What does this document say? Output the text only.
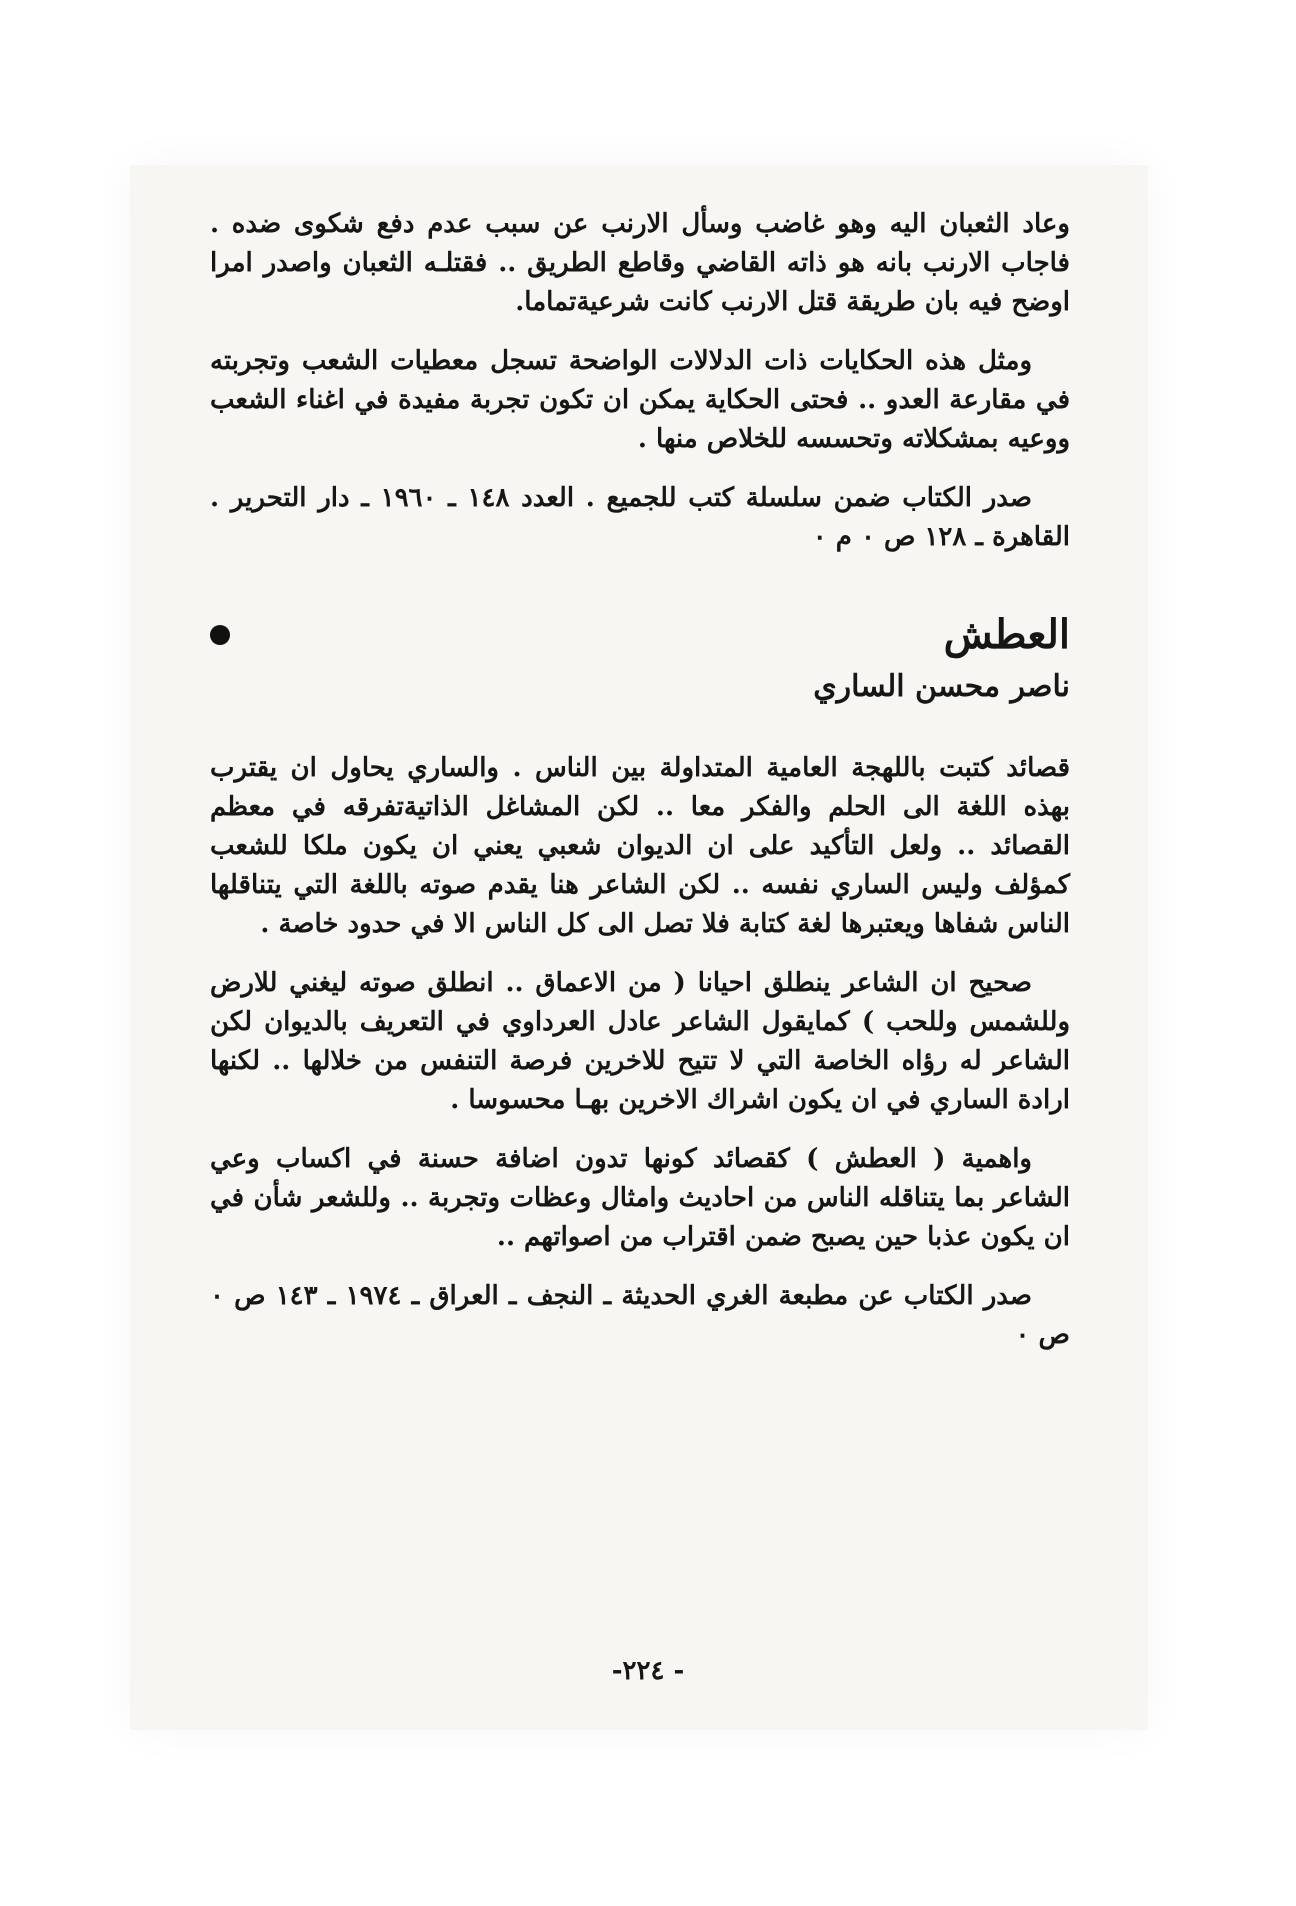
وعاد الثعبان اليه وهو غاضب وسأل الارنب عن سبب عدم دفع شكوى ضده . فاجاب الارنب بانه هو ذاته القاضي وقاطع الطريق .. فقتلـه الثعبان واصدر امرا اوضح فيه بان طريقة قتل الارنب كانت شرعيةتماما.

ومثل هذه الحكايات ذات الدلالات الواضحة تسجل معطيات الشعب وتجربته في مقارعة العدو .. فحتى الحكاية يمكن ان تكون تجربة مفيدة في اغناء الشعب ووعيه بمشكلاته وتحسسه للخلاص منها .

صدر الكتاب ضمن سلسلة كتب للجميع . العدد ١٤٨ ـ ١٩٦٠ ـ دار التحرير . القاهرة ـ ١٢٨ ص ٠ م ٠

العطش
ناصر محسن الساري

قصائد كتبت باللهجة العامية المتداولة بين الناس . والساري يحاول ان يقترب بهذه اللغة الى الحلم والفكر معا .. لكن المشاغل الذاتيةتفرقه في معظم القصائد .. ولعل التأكيد على ان الديوان شعبي يعني ان يكون ملكا للشعب كمؤلف وليس الساري نفسه .. لكن الشاعر هنا يقدم صوته باللغة التي يتناقلها الناس شفاها ويعتبرها لغة كتابة فلا تصل الى كل الناس الا في حدود خاصة .

صحيح ان الشاعر ينطلق احيانا ( من الاعماق .. انطلق صوته ليغني للارض وللشمس وللحب ) كمايقول الشاعر عادل العرداوي في التعريف بالديوان لكن الشاعر له رؤاه الخاصة التي لا تتيح للاخرين فرصة التنفس من خلالها .. لكنها ارادة الساري في ان يكون اشراك الاخرين بهـا محسوسا .

واهمية ( العطش ) كقصائد كونها تدون اضافة حسنة في اكساب وعي الشاعر بما يتناقله الناس من احاديث وامثال وعظات وتجربة .. وللشعر شأن في ان يكون عذبا حين يصبح ضمن اقتراب من اصواتهم ..

صدر الكتاب عن مطبعة الغري الحديثة ـ النجف ـ العراق ـ ١٩٧٤ ـ ١٤٣ ص ٠ ص ٠

- ٢٢٤-
